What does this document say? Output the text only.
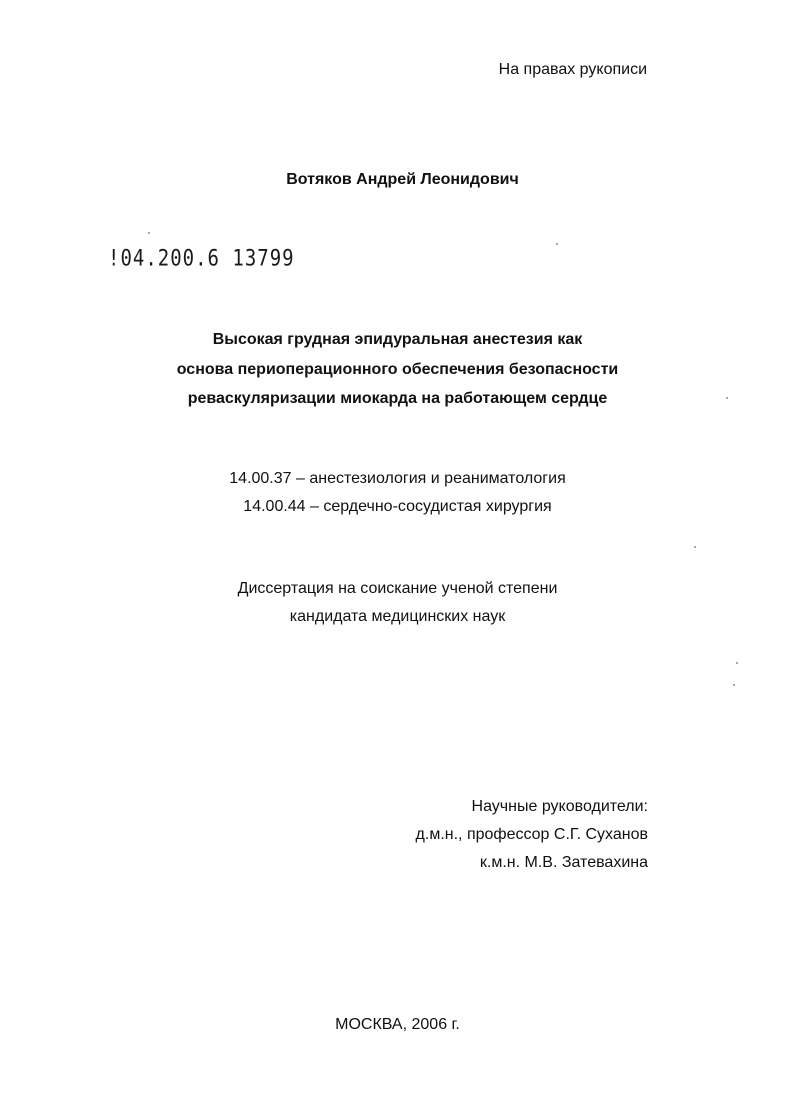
На правах рукописи
Вотяков Андрей Леонидович
!04.200.6 13799
Высокая грудная эпидуральная анестезия как
основа периоперационного обеспечения безопасности
реваскуляризации миокарда на работающем сердце
14.00.37 – анестезиология и реаниматология
14.00.44 – сердечно-сосудистая хирургия
Диссертация на соискание ученой степени
кандидата медицинских наук
Научные руководители:
д.м.н., профессор С.Г. Суханов
к.м.н. М.В. Затевахина
МОСКВА, 2006 г.
